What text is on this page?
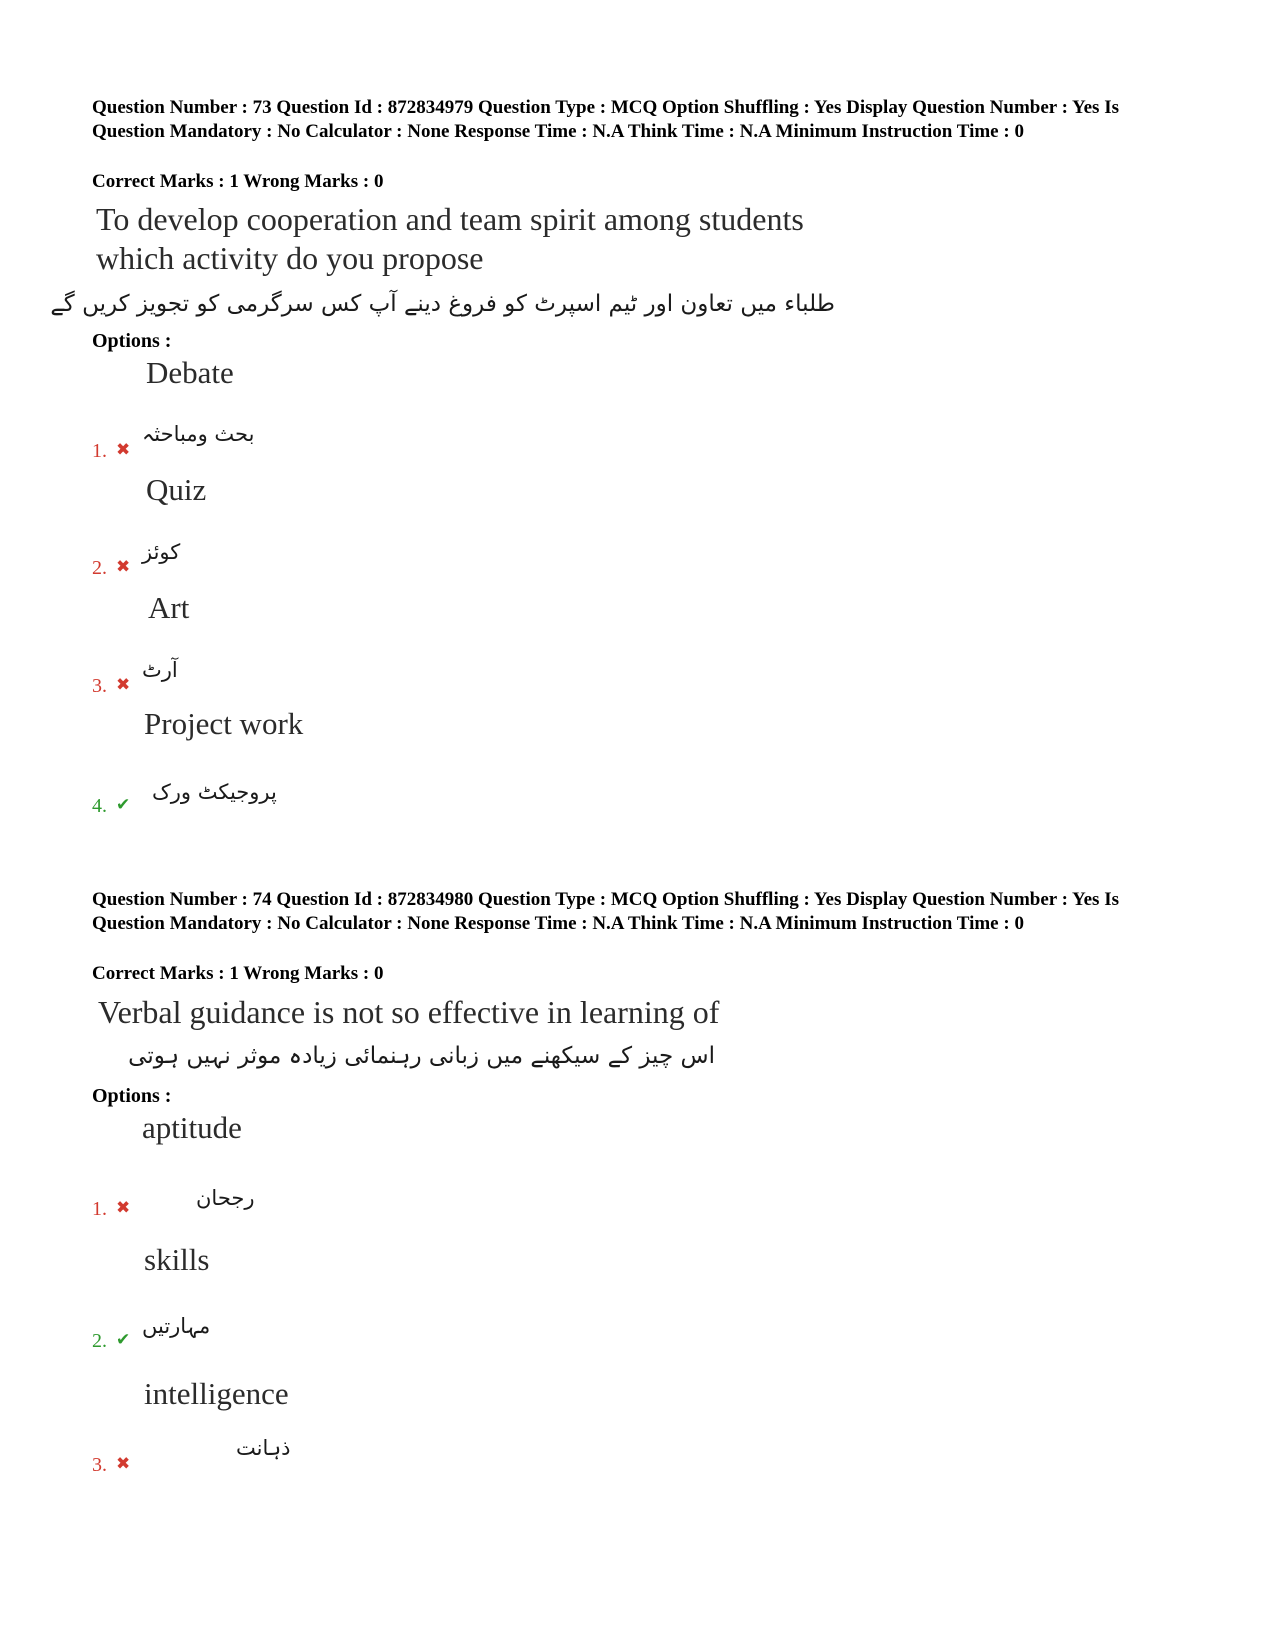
Question Number : 73 Question Id : 872834979 Question Type : MCQ Option Shuffling : Yes Display Question Number : Yes Is Question Mandatory : No Calculator : None Response Time : N.A Think Time : N.A Minimum Instruction Time : 0
Correct Marks : 1 Wrong Marks : 0
To develop cooperation and team spirit among students
which activity do you propose
طلباء میں تعاون اور ٹیم اسپرٹ کو فروغ دینے آپ کس سرگرمی کو تجویز کریں گے
Options :
Debate
بحث ومباحثہ
1. ✖
Quiz
کوئز
2. ✖
Art
آرٹ
3. ✖
Project work
پروجیکٹ ورک
4. ✔
Question Number : 74 Question Id : 872834980 Question Type : MCQ Option Shuffling : Yes Display Question Number : Yes Is Question Mandatory : No Calculator : None Response Time : N.A Think Time : N.A Minimum Instruction Time : 0
Correct Marks : 1 Wrong Marks : 0
Verbal guidance is not so effective in learning of
اس چیز کے سیکھنے میں زبانی رہنمائی زیادہ موثر نہیں ہوتی
Options :
aptitude
رجحان
1. ✖
skills
مہارتیں
2. ✔
intelligence
ذہانت
3. ✖
